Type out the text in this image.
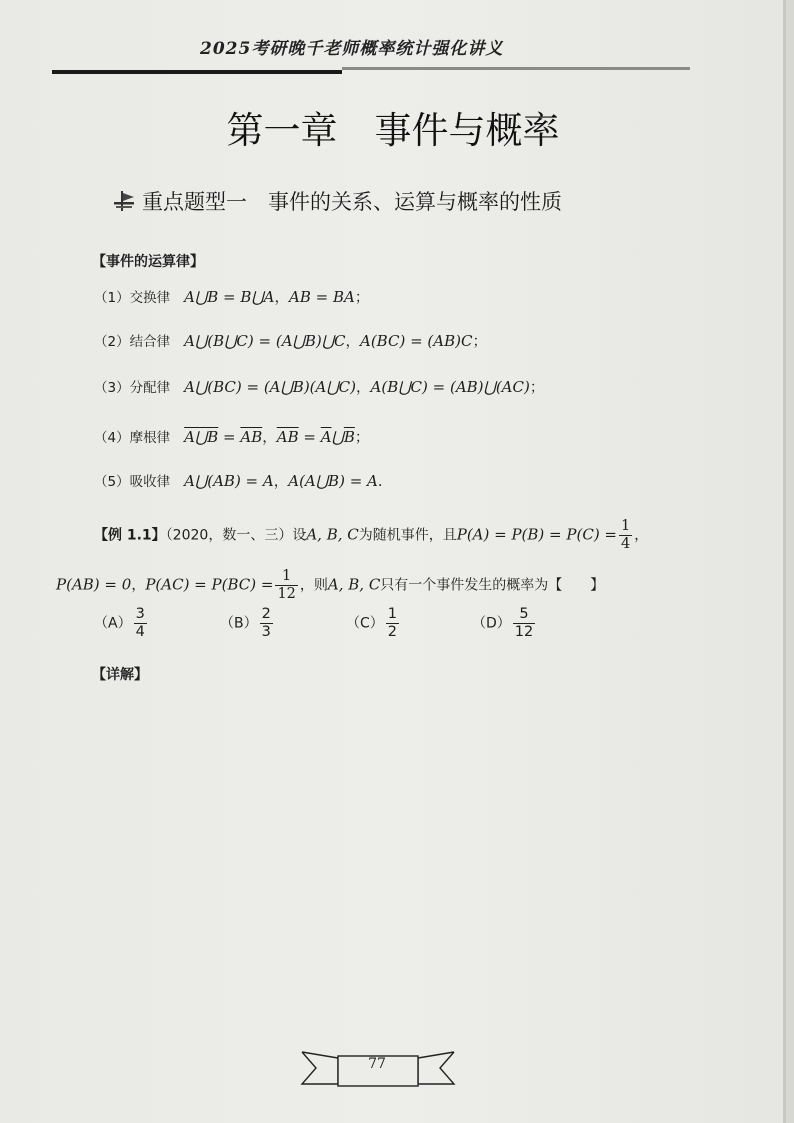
2025考研晚千老师概率统计强化讲义
第一章　事件与概率
重点题型一　事件的关系、运算与概率的性质
【事件的运算律】
（1）交换律 A⋃B = B⋃A，AB = BA；
（2）结合律 A⋃(B⋃C) = (A⋃B)⋃C，A(BC) = (AB)C；
（3）分配律 A⋃(BC) = (A⋃B)(A⋃C)，A(B⋃C) = (AB)⋃(AC)；
（4）摩根律 A⋃B = $\overline{AB}$，$\overline{AB}$ = $\overline{A}⋃\overline{B}$；
（5）吸收律 A⋃(AB) = A，A(A⋃B) = A.
【例 1.1】（2020，数一、三）设A, B, C为随机事件，且$P(A) = P(B) = P(C) = \frac{1}{4}$ ，
P(AB) = 0，$P(AC) = P(BC) = \frac{1}{12}$ ，则A, B, C只有一个事件发生的概率为【　　】
$(A) \frac{3}{4}$	$(B) \frac{2}{3}$	$(C) \frac{1}{2}$	$(D) \frac{5}{12}$
【详解】
77
